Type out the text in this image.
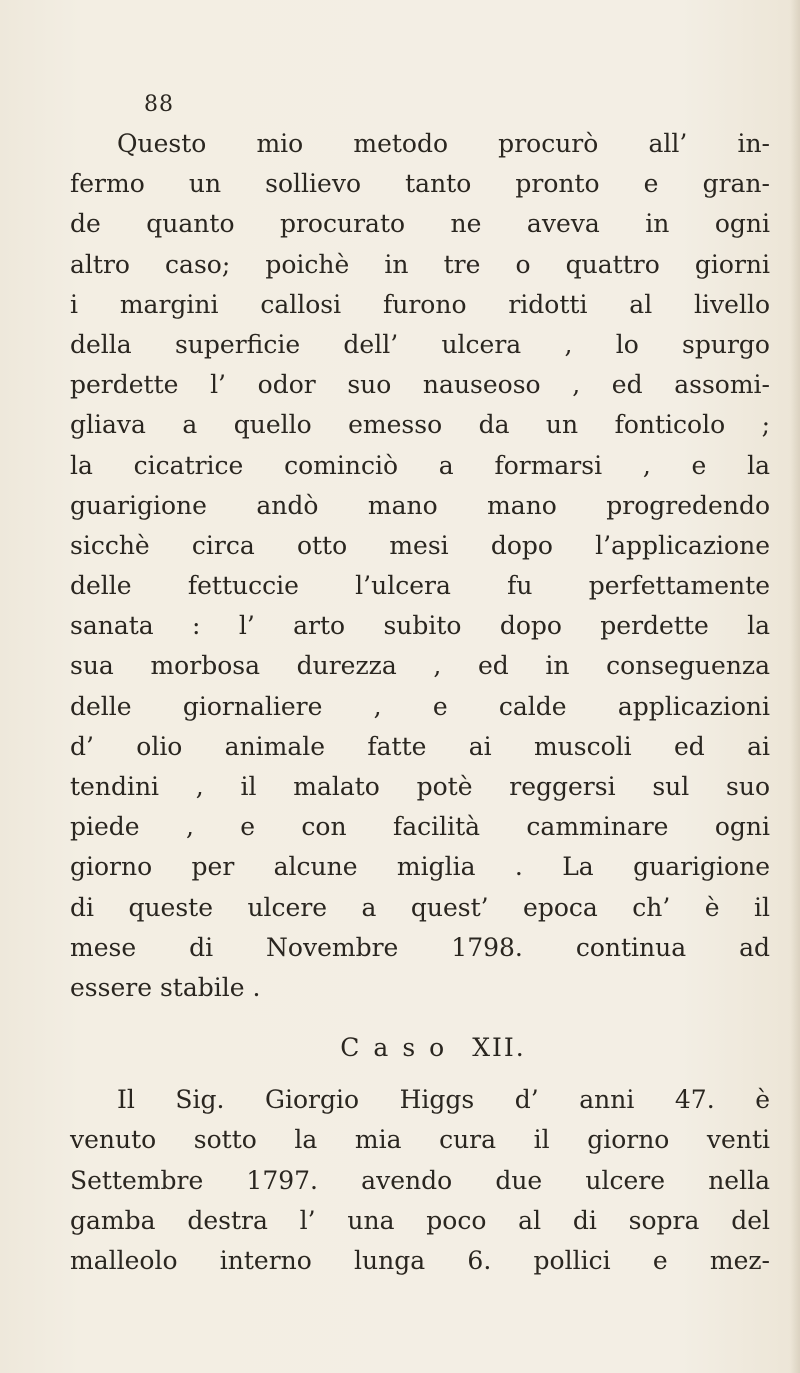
88
Questo mio metodo procurò all’ in-
fermo un sollievo tanto pronto e gran-
de quanto procurato ne aveva in ogni
altro caso; poichè in tre o quattro giorni
i margini callosi furono ridotti al livello
della superficie dell’ ulcera , lo spurgo
perdette l’ odor suo nauseoso , ed assomi-
gliava a quello emesso da un fonticolo ;
la cicatrice cominciò a formarsi , e la
guarigione andò mano mano progredendo
sicchè circa otto mesi dopo l’applicazione
delle fettuccie l’ulcera fu perfettamente
sanata : l’ arto subito dopo perdette la
sua morbosa durezza , ed in conseguenza
delle giornaliere , e calde applicazioni
d’ olio animale fatte ai muscoli ed ai
tendini , il malato potè reggersi sul suo
piede , e con facilità camminare ogni
giorno per alcune miglia . La guarigione
di queste ulcere a quest’ epoca ch’ è il
mese di Novembre 1798. continua ad
essere stabile .
Caso XII.
Il Sig. Giorgio Higgs d’ anni 47. è
venuto sotto la mia cura il giorno venti
Settembre 1797. avendo due ulcere nella
gamba destra l’ una poco al di sopra del
malleolo interno lunga 6. pollici e mez-
